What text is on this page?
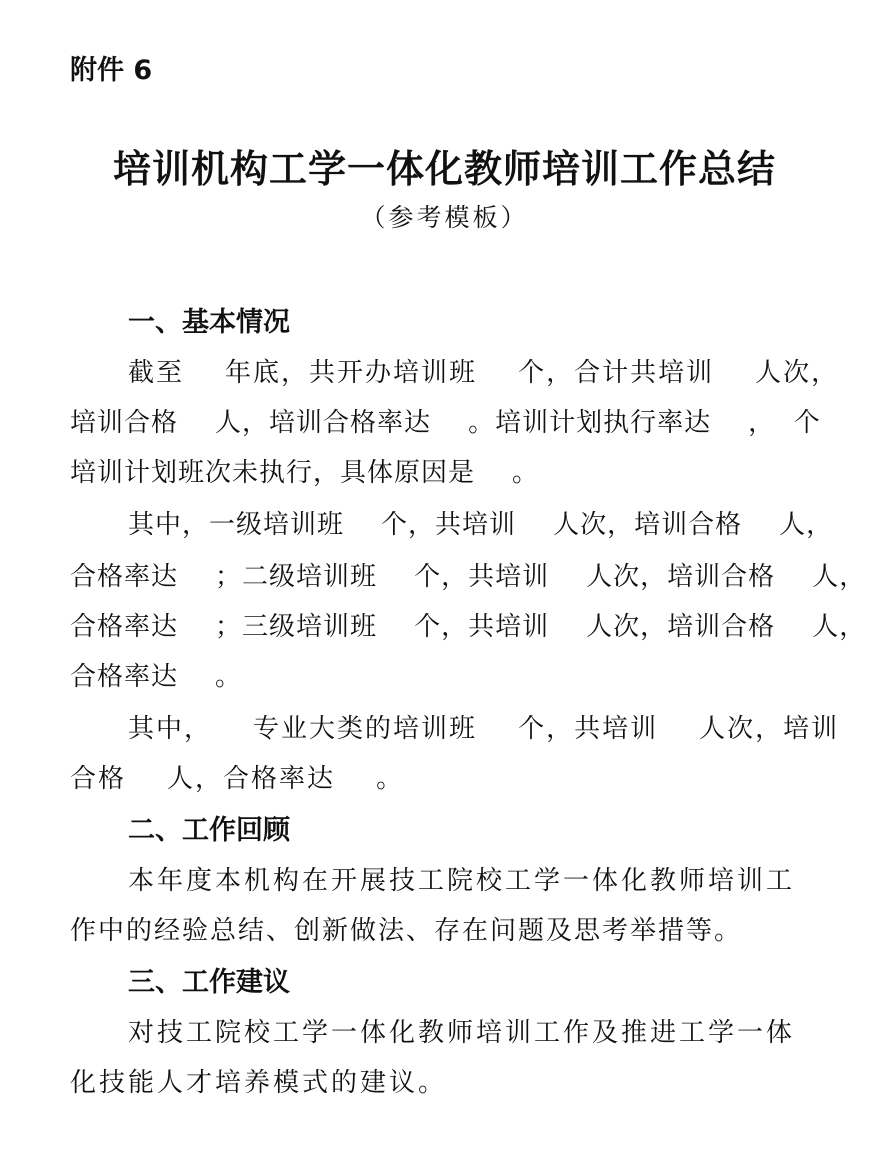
附件 6
培训机构工学一体化教师培训工作总结
（参考模板）
一、基本情况
截至    年底，共开办培训班    个，合计共培训    人次，
培训合格    人，培训合格率达    。培训计划执行率达    ，  个
培训计划班次未执行，具体原因是    。
其中，一级培训班    个，共培训    人次，培训合格    人，
合格率达    ；二级培训班    个，共培训    人次，培训合格    人，
合格率达    ；三级培训班    个，共培训    人次，培训合格    人，
合格率达    。
其中，    专业大类的培训班    个，共培训    人次，培训
合格    人，合格率达    。
二、工作回顾
本年度本机构在开展技工院校工学一体化教师培训工
作中的经验总结、创新做法、存在问题及思考举措等。
三、工作建议
对技工院校工学一体化教师培训工作及推进工学一体
化技能人才培养模式的建议。
